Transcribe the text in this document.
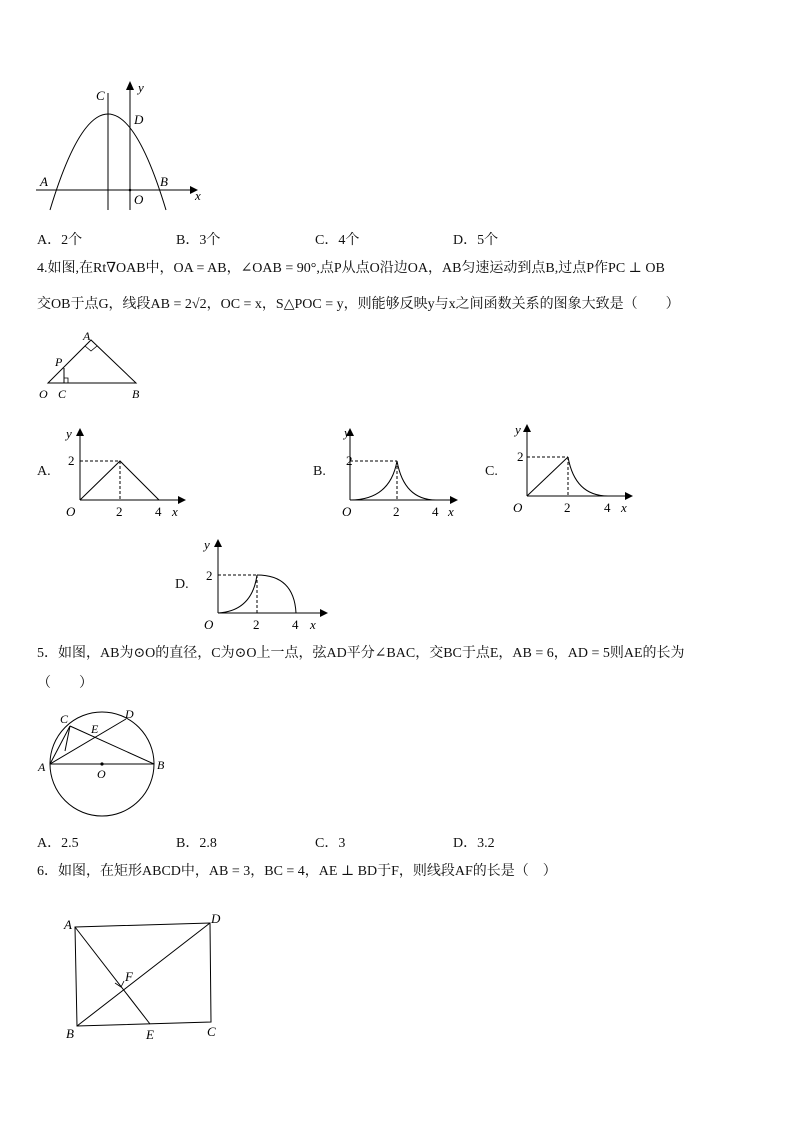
C
D
y
A	B
O	x
A．2个	B．3个	C．4个	D．5个
4.如图,在Rt∇OAB中，OA = AB，∠OAB = 90°,点P从点O沿边OA，AB匀速运动到点B,过点P作PC ⊥ OB
交OB于点G，线段AB = 2√2，OC = x，S△POC = y，则能够反映y与x之间函数关系的图象大致是（　　）
A
P
O C	B
A.
y
2
O	2	4 x
B.
y
2
O	2	4 x
C.
y
2
O	2	4 x
D.
y
2
O	2	4 x
5．如图，AB为⊙O的直径，C为⊙O上一点，弦AD平分∠BAC，交BC于点E，AB = 6，AD = 5则AE的长为
（　　）
C	D
E
A	B
O
A．2.5	B．2.8	C．3	D．3.2
6．如图，在矩形ABCD中，AB = 3，BC = 4，AE ⊥ BD于F，则线段AF的长是（　）
A	D
B	E	C
F
